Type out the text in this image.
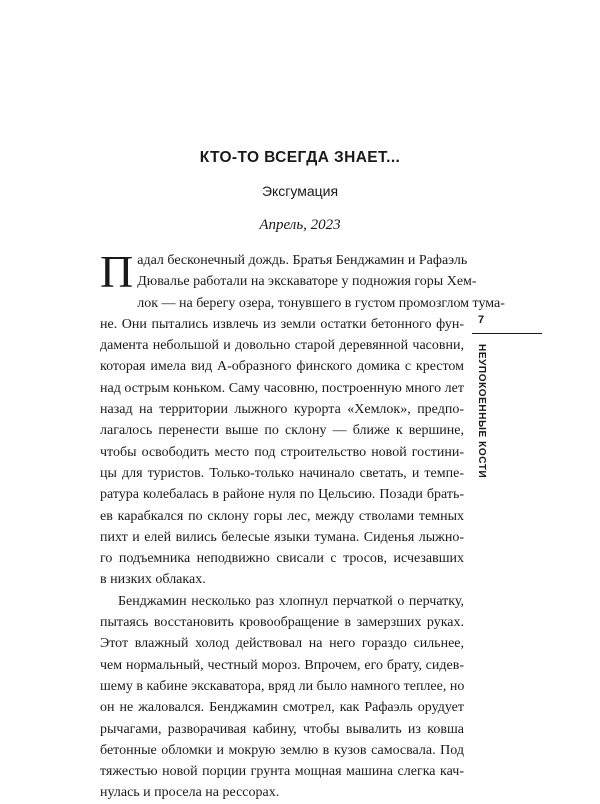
КТО-ТО ВСЕГДА ЗНАЕТ...
Эксгумация
Апрель, 2023

П адал бесконечный дождь. Братья Бенджамин и Рафаэль
Дювалье работали на экскаваторе у подножия горы Хем-
лок — на берегу озера, тонувшего в густом промозглом тума-
не. Они пытались извлечь из земли остатки бетонного фун-
дамента небольшой и довольно старой деревянной часовни,
которая имела вид А-образного финского домика с крестом
над острым коньком. Саму часовню, построенную много лет
назад на территории лыжного курорта «Хемлок», предпо-
лагалось перенести выше по склону — ближе к вершине,
чтобы освободить место под строительство новой гостини-
цы для туристов. Только-только начинало светать, и темпе-
ратура колебалась в районе нуля по Цельсию. Позади брать-
ев карабкался по склону горы лес, между стволами темных
пихт и елей вились белесые языки тумана. Сиденья лыжно-
го подъемника неподвижно свисали с тросов, исчезавших
в низких облаках.

Бенджамин несколько раз хлопнул перчаткой о перчатку,
пытаясь восстановить кровообращение в замерзших руках.
Этот влажный холод действовал на него гораздо сильнее,
чем нормальный, честный мороз. Впрочем, его брату, сидев-
шему в кабине экскаватора, вряд ли было намного теплее, но
он не жаловался. Бенджамин смотрел, как Рафаэль орудует
рычагами, разворачивая кабину, чтобы вывалить из ковша
бетонные обломки и мокрую землю в кузов самосвала. Под
тяжестью новой порции грунта мощная машина слегка кач-
нулась и просела на рессорах.

7
НЕУПОКОЕННЫЕ КОСТИ
